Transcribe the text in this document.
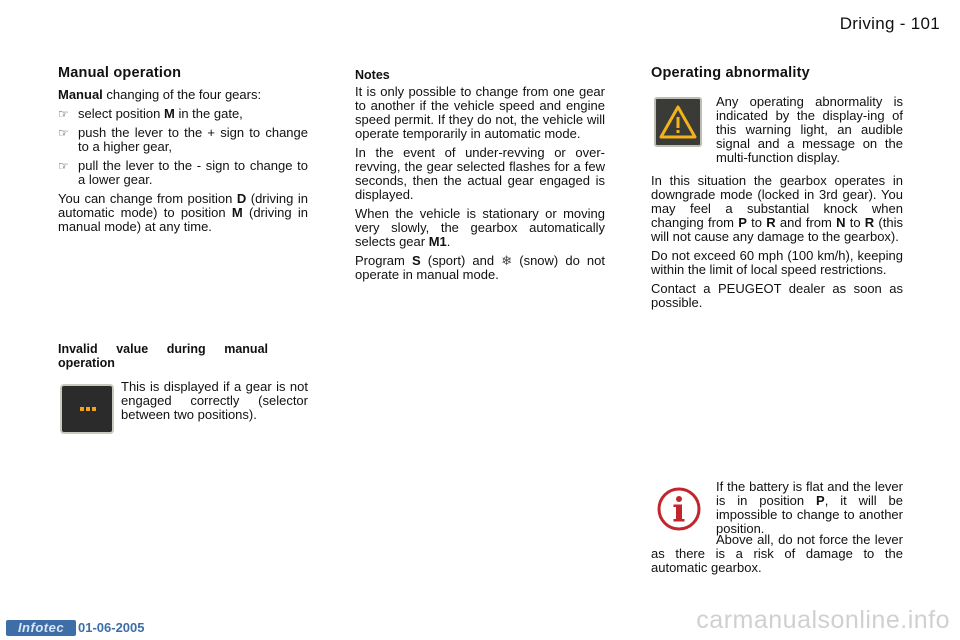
Driving - 101
Manual operation

Manual changing of the four gears:

☞ select position M in the gate,
☞ push the lever to the + sign to change to a higher gear,
☞ pull the lever to the - sign to change to a lower gear.

You can change from position D (driving in automatic mode) to position M (driving in manual mode) at any time.

Invalid value during manual operation

This is displayed if a gear is not engaged correctly (selector between two positions).

Notes

It is only possible to change from one gear to another if the vehicle speed and engine speed permit. If they do not, the vehicle will operate temporarily in automatic mode.

In the event of under-revving or over-revving, the gear selected flashes for a few seconds, then the actual gear engaged is displayed.

When the vehicle is stationary or moving very slowly, the gearbox automatically selects gear M1.

Program S (sport) and ❄ (snow) do not operate in manual mode.

Operating abnormality

Any operating abnormality is indicated by the display-ing of this warning light, an audible signal and a message on the multi-function display.

In this situation the gearbox operates in downgrade mode (locked in 3rd gear). You may feel a substantial knock when changing from P to R and from N to R (this will not cause any damage to the gearbox).

Do not exceed 60 mph (100 km/h), keeping within the limit of local speed restrictions.

Contact a PEUGEOT dealer as soon as possible.

If the battery is flat and the lever is in position P, it will be impossible to change to another position.

Above all, do not force the lever as there is a risk of damage to the automatic gearbox.

Infotec	01-06-2005	carmanualsonline.info
